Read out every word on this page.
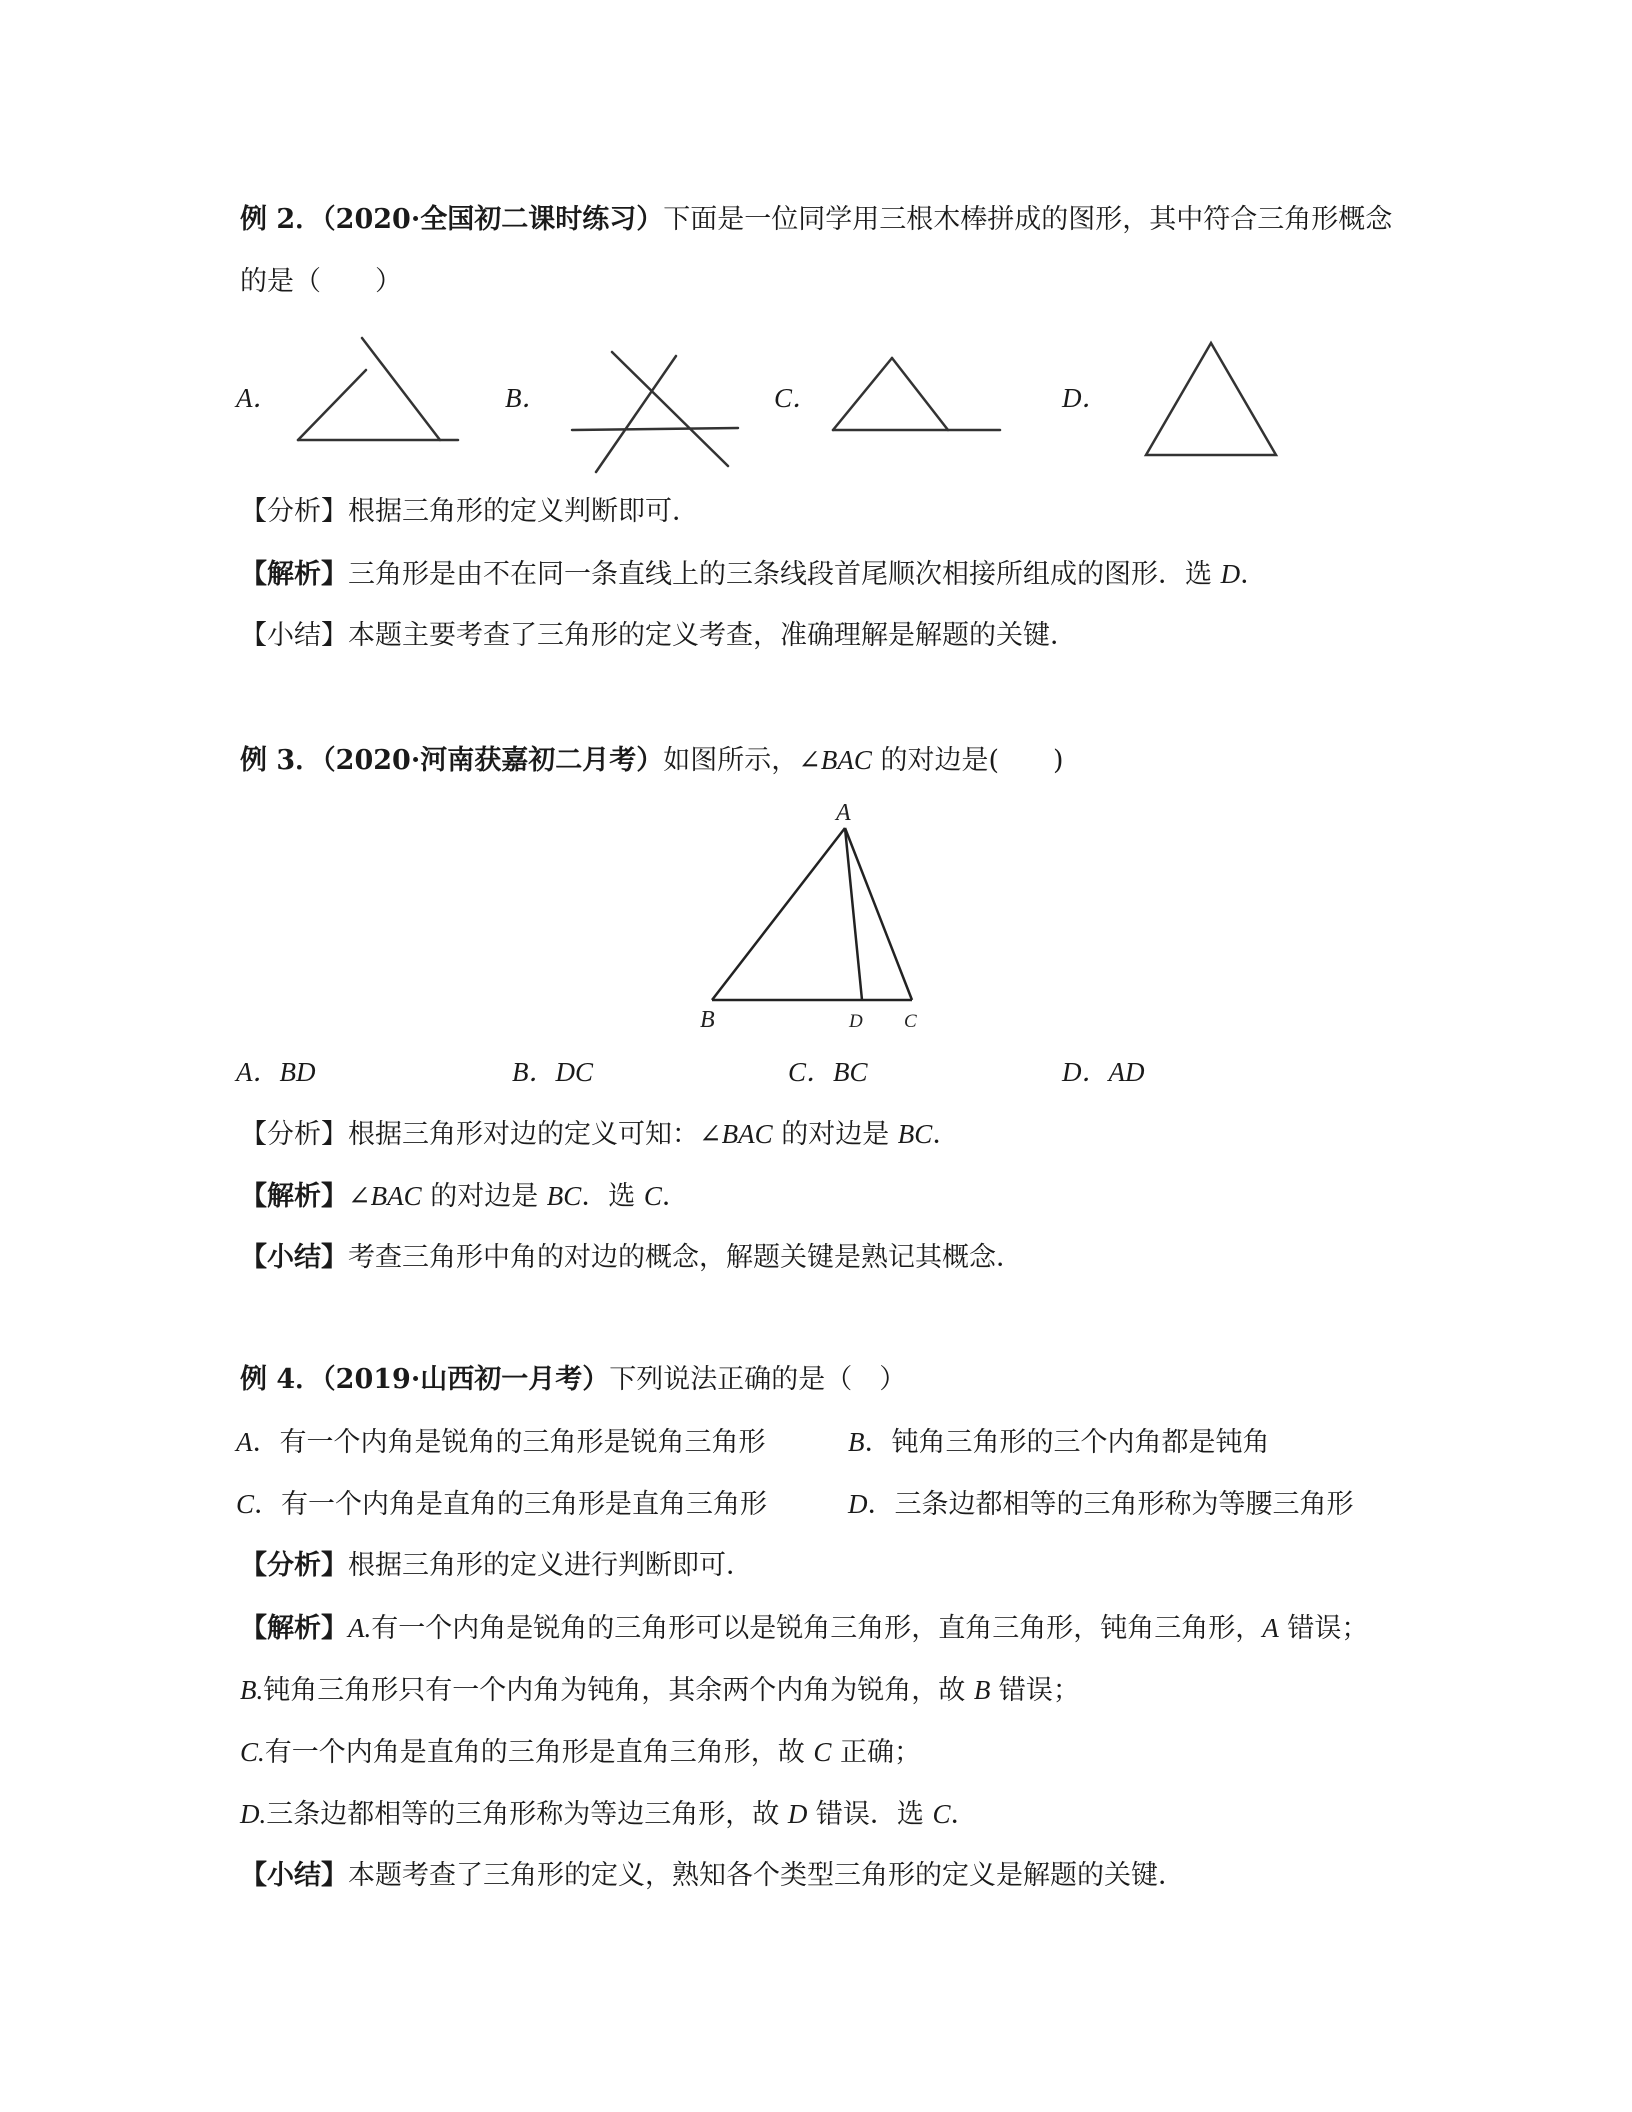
例 2．（2020·全国初二课时练习）下面是一位同学用三根木棒拼成的图形，其中符合三角形概念
的是（　　）
A．	B．	C．	D．
【分析】根据三角形的定义判断即可．
【解析】三角形是由不在同一条直线上的三条线段首尾顺次相接所组成的图形．选 D．
【小结】本题主要考查了三角形的定义考查，准确理解是解题的关键．
例 3．（2020·河南获嘉初二月考）如图所示，∠BAC 的对边是(　　)
A
B	D C
A．BD	B．DC	C．BC	D．AD
【分析】根据三角形对边的定义可知：∠BAC 的对边是 BC．
【解析】∠BAC 的对边是 BC．选 C．
【小结】考查三角形中角的对边的概念，解题关键是熟记其概念．
例 4．（2019·山西初一月考）下列说法正确的是（　）
A．有一个内角是锐角的三角形是锐角三角形	B．钝角三角形的三个内角都是钝角
C．有一个内角是直角的三角形是直角三角形	D．三条边都相等的三角形称为等腰三角形
【分析】根据三角形的定义进行判断即可．
【解析】A.有一个内角是锐角的三角形可以是锐角三角形，直角三角形，钝角三角形，A 错误；
B.钝角三角形只有一个内角为钝角，其余两个内角为锐角，故 B 错误；
C.有一个内角是直角的三角形是直角三角形，故 C 正确；
D.三条边都相等的三角形称为等边三角形，故 D 错误．选 C．
【小结】本题考查了三角形的定义，熟知各个类型三角形的定义是解题的关键．
